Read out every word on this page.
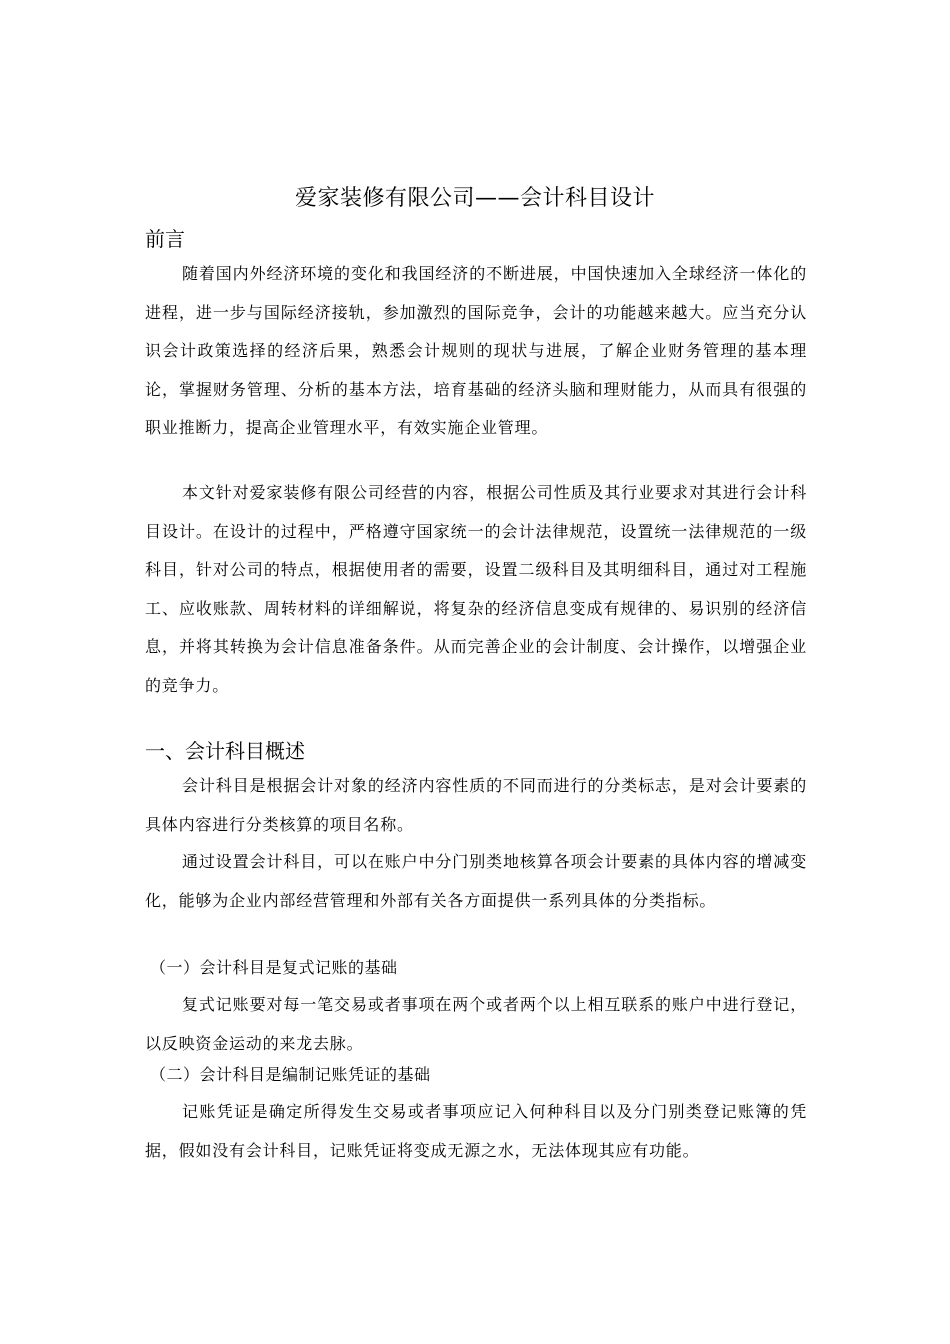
爱家装修有限公司——会计科目设计
前言

随着国内外经济环境的变化和我国经济的不断进展，中国快速加入全球经济一体化的进程，进一步与国际经济接轨，参加激烈的国际竞争，会计的功能越来越大。应当充分认识会计政策选择的经济后果，熟悉会计规则的现状与进展，了解企业财务管理的基本理论，掌握财务管理、分析的基本方法，培育基础的经济头脑和理财能力，从而具有很强的职业推断力，提高企业管理水平，有效实施企业管理。

本文针对爱家装修有限公司经营的内容，根据公司性质及其行业要求对其进行会计科目设计。在设计的过程中，严格遵守国家统一的会计法律规范，设置统一法律规范的一级科目，针对公司的特点，根据使用者的需要，设置二级科目及其明细科目，通过对工程施工、应收账款、周转材料的详细解说，将复杂的经济信息变成有规律的、易识别的经济信息，并将其转换为会计信息准备条件。从而完善企业的会计制度、会计操作，以增强企业的竞争力。

一、会计科目概述

会计科目是根据会计对象的经济内容性质的不同而进行的分类标志，是对会计要素的具体内容进行分类核算的项目名称。

通过设置会计科目，可以在账户中分门别类地核算各项会计要素的具体内容的增减变化，能够为企业内部经营管理和外部有关各方面提供一系列具体的分类指标。

（一）会计科目是复式记账的基础

复式记账要对每一笔交易或者事项在两个或者两个以上相互联系的账户中进行登记，以反映资金运动的来龙去脉。

（二）会计科目是编制记账凭证的基础

记账凭证是确定所得发生交易或者事项应记入何种科目以及分门别类登记账簿的凭据，假如没有会计科目，记账凭证将变成无源之水，无法体现其应有功能。
